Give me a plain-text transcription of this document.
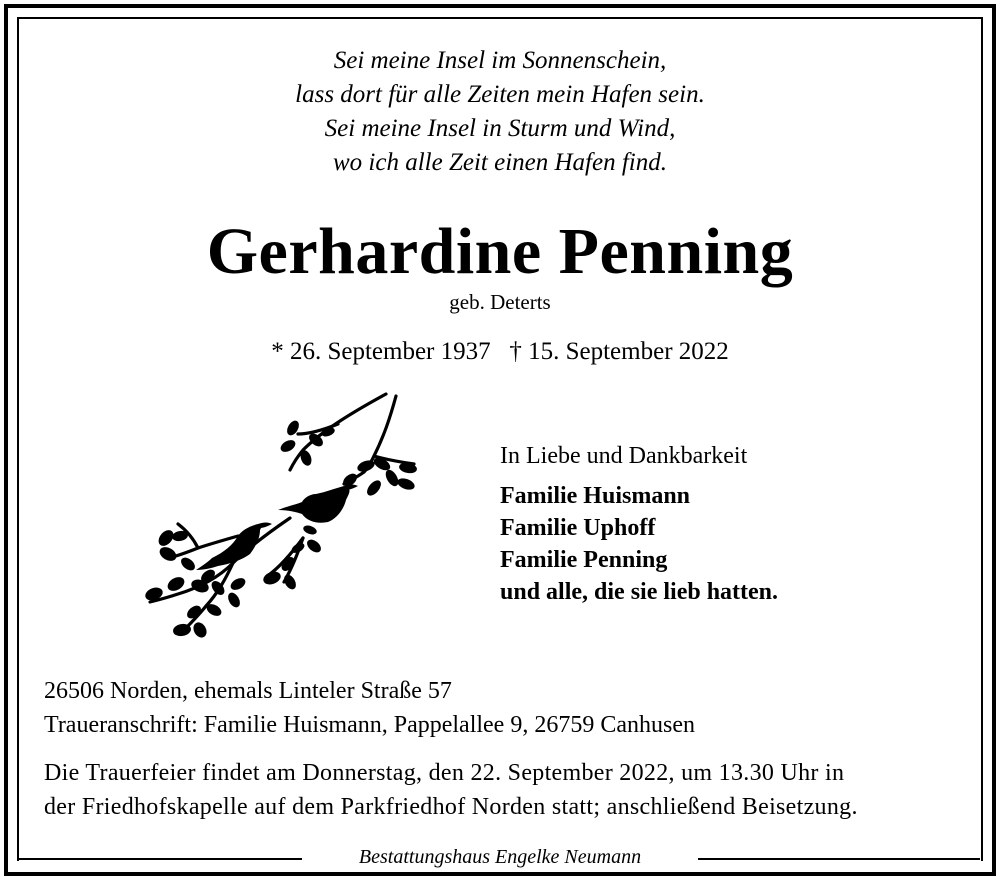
Sei meine Insel im Sonnenschein,
lass dort für alle Zeiten mein Hafen sein.
Sei meine Insel in Sturm und Wind,
wo ich alle Zeit einen Hafen find.
Gerhardine Penning
geb. Deterts
* 26. September 1937   † 15. September 2022
In Liebe und Dankbarkeit
Familie Huismann
Familie Uphoff
Familie Penning
und alle, die sie lieb hatten.
26506 Norden, ehemals Linteler Straße 57
Traueranschrift: Familie Huismann, Pappelallee 9, 26759 Canhusen
Die Trauerfeier findet am Donnerstag, den 22. September 2022, um 13.30 Uhr in
der Friedhofskapelle auf dem Parkfriedhof Norden statt; anschließend Beisetzung.
Bestattungshaus Engelke Neumann
